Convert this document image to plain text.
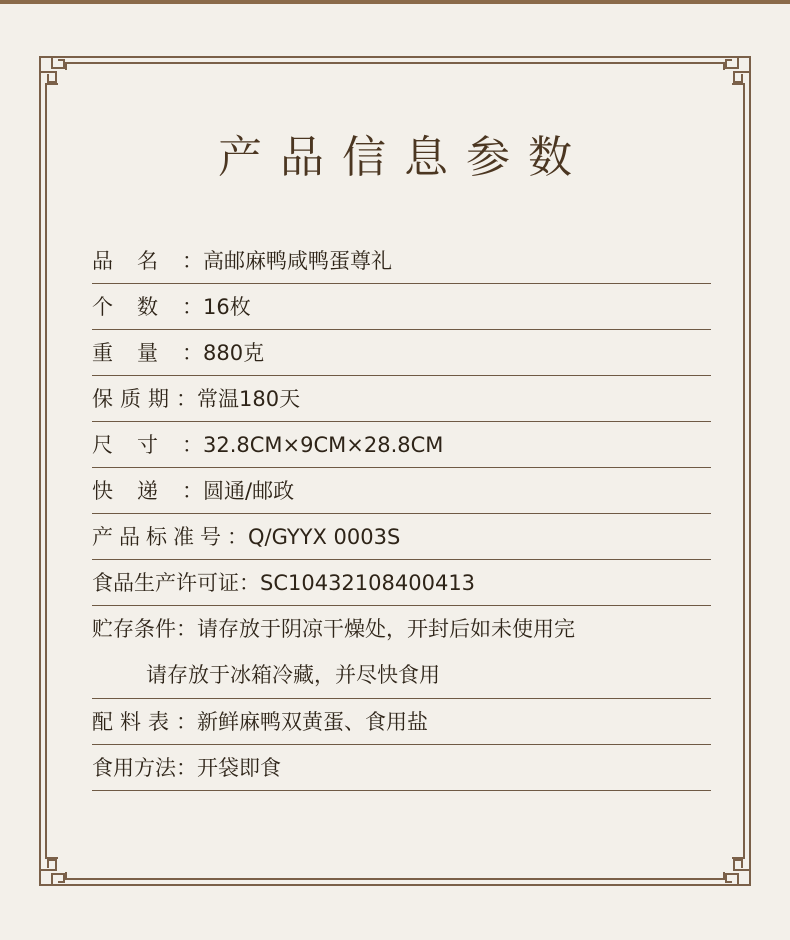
产品信息参数
品名：高邮麻鸭咸鸭蛋尊礼
个数：16枚
重量：880克
保质期：常温180天
尺寸：32.8CM×9CM×28.8CM
快递：圆通/邮政
产品标准号：Q/GYYX 0003S
食品生产许可证：SC10432108400413
贮存条件：请存放于阴凉干燥处，开封后如未使用完
请存放于冰箱冷藏，并尽快食用
配料表：新鲜麻鸭双黄蛋、食用盐
食用方法：开袋即食
